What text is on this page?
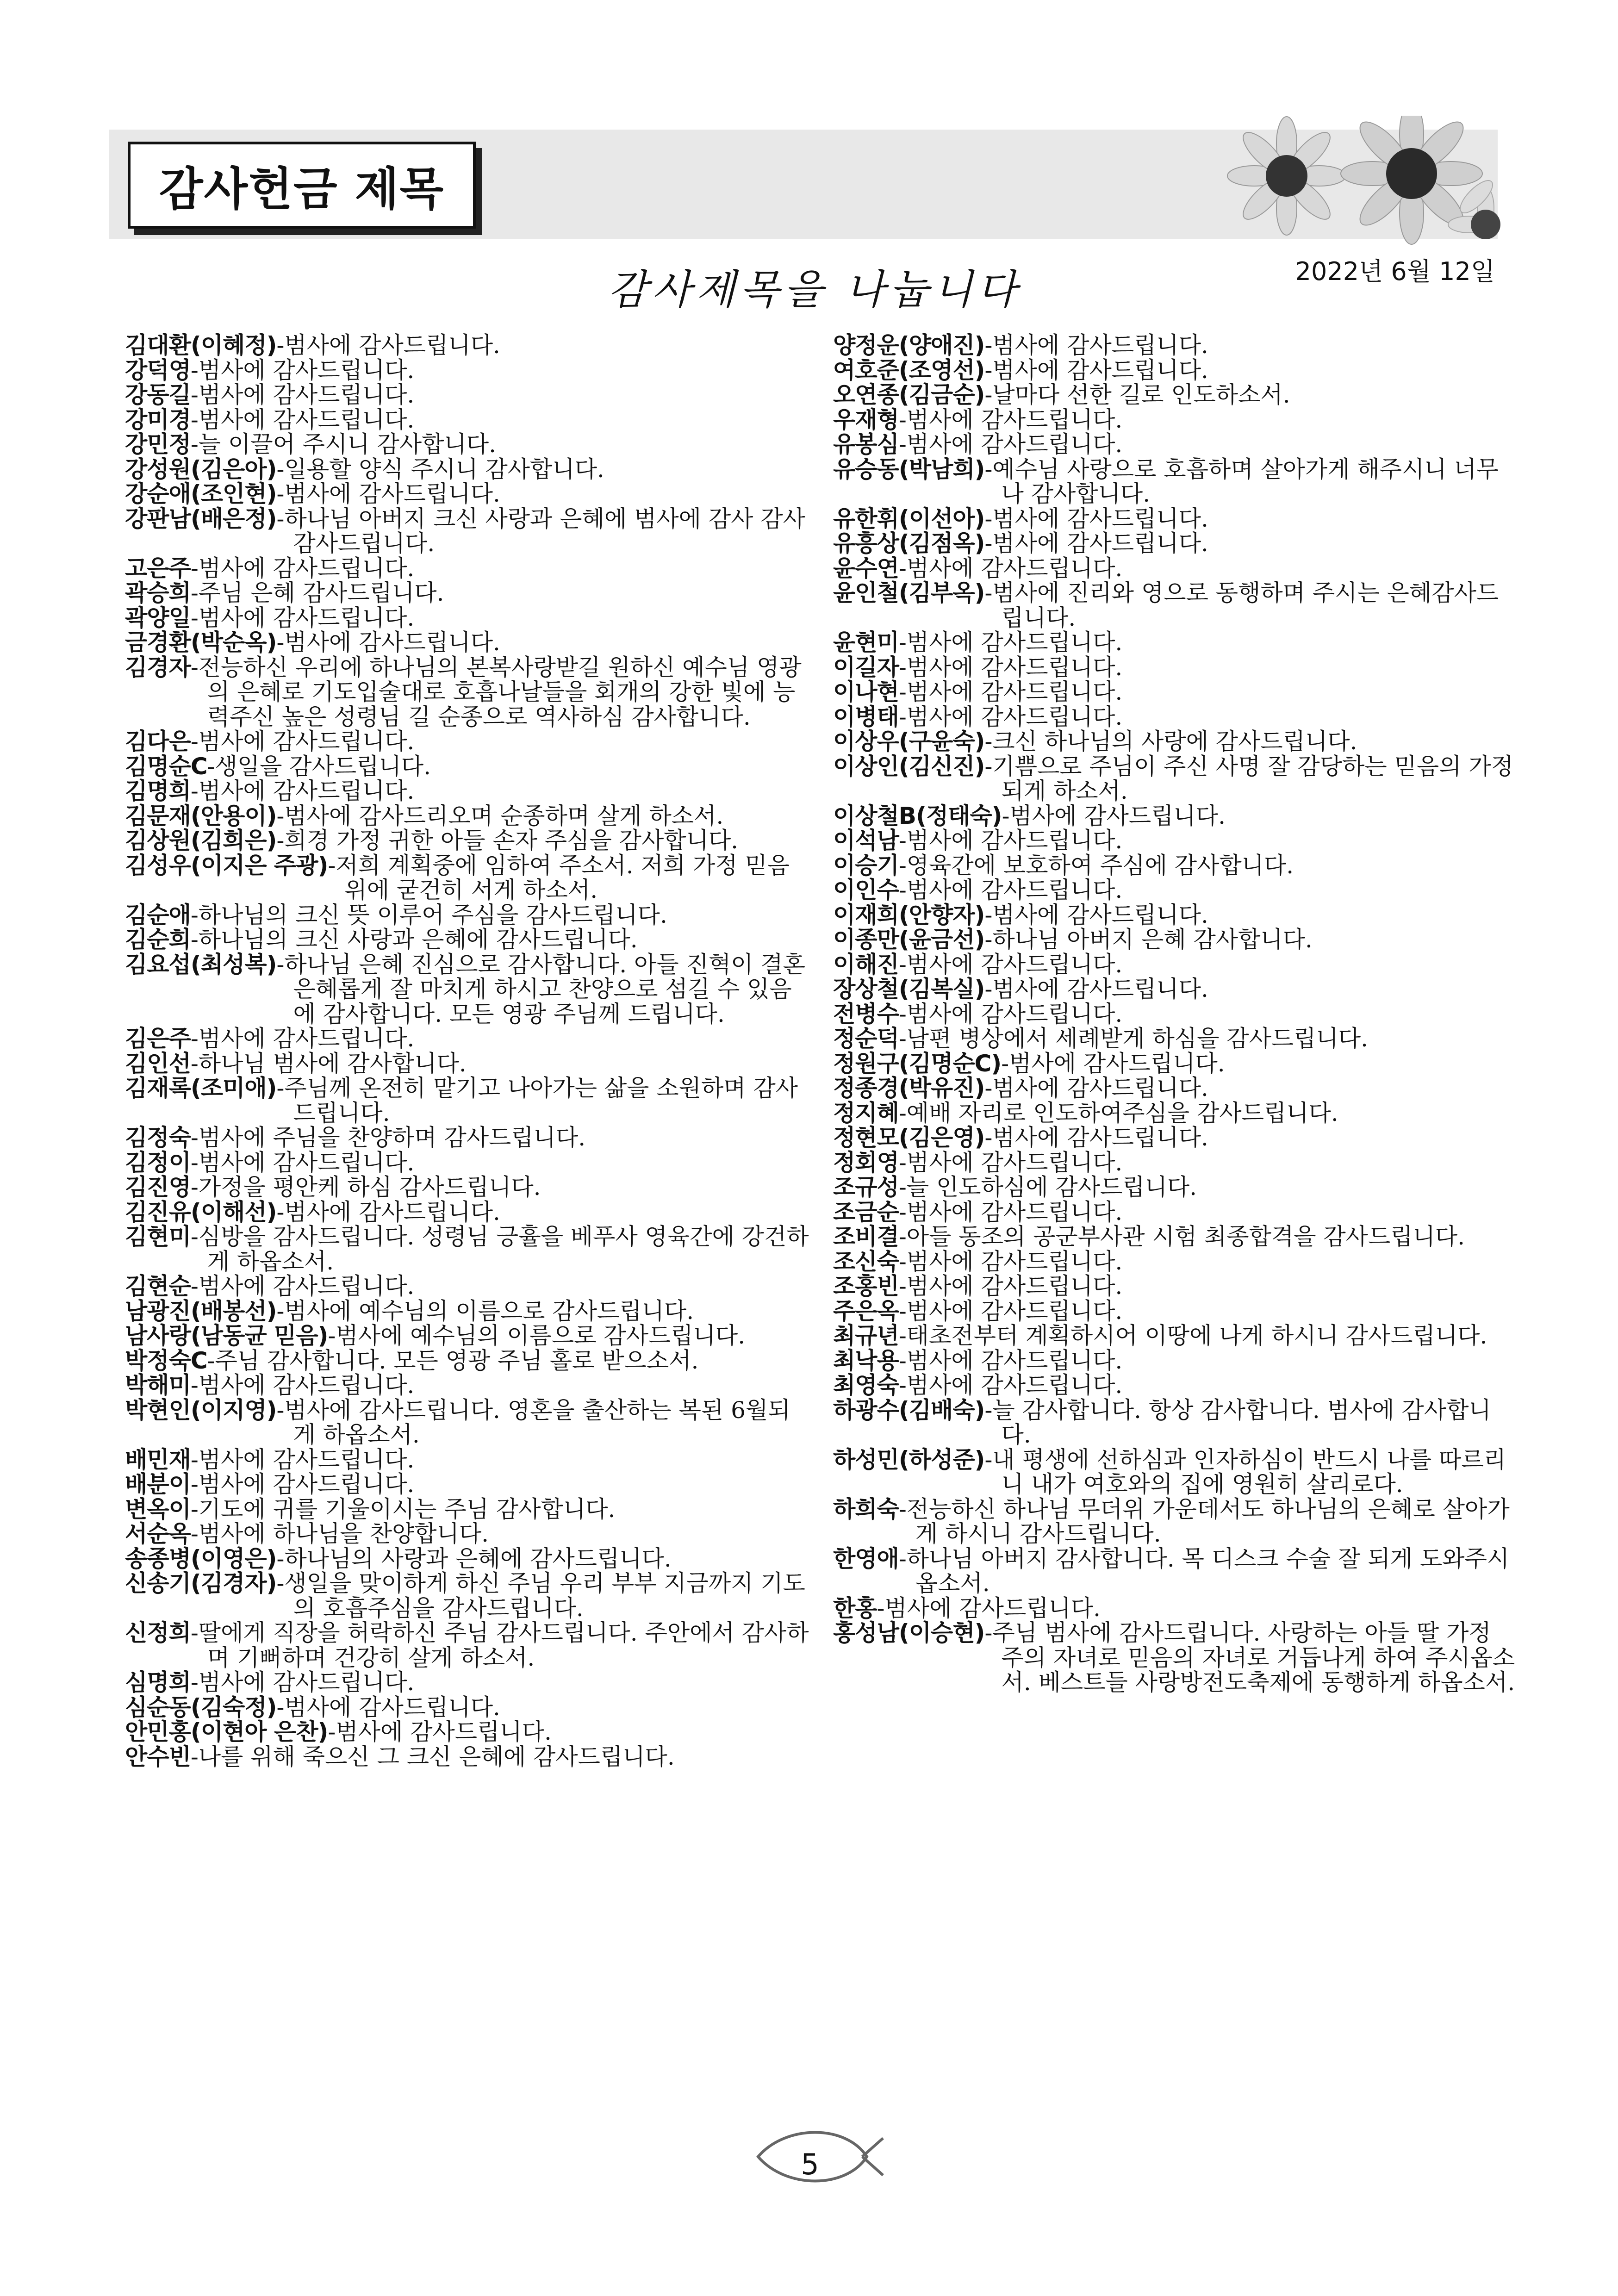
감사헌금 제목
감사제목을 나눕니다	2022년 6월 12일
김대환(이혜정)-범사에 감사드립니다.
강덕영-범사에 감사드립니다.
강동길-범사에 감사드립니다.
강미경-범사에 감사드립니다.
강민정-늘 이끌어 주시니 감사합니다.
강성원(김은아)-일용할 양식 주시니 감사합니다.
강순애(조인현)-범사에 감사드립니다.
강판남(배은정)-하나님 아버지 크신 사랑과 은혜에 범사에 감사 감사 감사드립니다.
고은주-범사에 감사드립니다.
곽승희-주님 은혜 감사드립니다.
곽양일-범사에 감사드립니다.
금경환(박순옥)-범사에 감사드립니다.
김경자-전능하신 우리에 하나님의 본복사랑받길 원하신 예수님 영광의 은혜로 기도입술대로 호흡나날들을 회개의 강한 빛에 능력주신 높은 성령님 길 순종으로 역사하심 감사합니다.
김다은-범사에 감사드립니다.
김명순C-생일을 감사드립니다.
김명희-범사에 감사드립니다.
김문재(안용이)-범사에 감사드리오며 순종하며 살게 하소서.
김상원(김희은)-희경 가정 귀한 아들 손자 주심을 감사합니다.
김성우(이지은 주광)-저희 계획중에 임하여 주소서. 저희 가정 믿음위에 굳건히 서게 하소서.
김순애-하나님의 크신 뜻 이루어 주심을 감사드립니다.
김순희-하나님의 크신 사랑과 은혜에 감사드립니다.
김요섭(최성복)-하나님 은혜 진심으로 감사합니다. 아들 진혁이 결혼 은혜롭게 잘 마치게 하시고 찬양으로 섬길 수 있음에 감사합니다. 모든 영광 주님께 드립니다.
김은주-범사에 감사드립니다.
김인선-하나님 범사에 감사합니다.
김재록(조미애)-주님께 온전히 맡기고 나아가는 삶을 소원하며 감사드립니다.
김정숙-범사에 주님을 찬양하며 감사드립니다.
김정이-범사에 감사드립니다.
김진영-가정을 평안케 하심 감사드립니다.
김진유(이해선)-범사에 감사드립니다.
김현미-심방을 감사드립니다. 성령님 긍휼을 베푸사 영육간에 강건하게 하옵소서.
김현순-범사에 감사드립니다.
남광진(배봉선)-범사에 예수님의 이름으로 감사드립니다.
남사랑(남동균 믿음)-범사에 예수님의 이름으로 감사드립니다.
박정숙C-주님 감사합니다. 모든 영광 주님 홀로 받으소서.
박해미-범사에 감사드립니다.
박현인(이지영)-범사에 감사드립니다. 영혼을 출산하는 복된 6월되게 하옵소서.
배민재-범사에 감사드립니다.
배분이-범사에 감사드립니다.
변옥이-기도에 귀를 기울이시는 주님 감사합니다.
서순옥-범사에 하나님을 찬양합니다.
송종병(이영은)-하나님의 사랑과 은혜에 감사드립니다.
신송기(김경자)-생일을 맞이하게 하신 주님 우리 부부 지금까지 기도의 호흡주심을 감사드립니다.
신정희-딸에게 직장을 허락하신 주님 감사드립니다. 주안에서 감사하며 기뻐하며 건강히 살게 하소서.
심명희-범사에 감사드립니다.
심순동(김숙정)-범사에 감사드립니다.
안민홍(이현아 은찬)-범사에 감사드립니다.
안수빈-나를 위해 죽으신 그 크신 은혜에 감사드립니다.
양정운(양애진)-범사에 감사드립니다.
여호준(조영선)-범사에 감사드립니다.
오연종(김금순)-날마다 선한 길로 인도하소서.
우재형-범사에 감사드립니다.
유봉심-범사에 감사드립니다.
유승동(박남희)-예수님 사랑으로 호흡하며 살아가게 해주시니 너무나 감사합니다.
유한휘(이선아)-범사에 감사드립니다.
유흥상(김점옥)-범사에 감사드립니다.
윤수연-범사에 감사드립니다.
윤인철(김부옥)-범사에 진리와 영으로 동행하며 주시는 은혜감사드립니다.
윤현미-범사에 감사드립니다.
이길자-범사에 감사드립니다.
이나현-범사에 감사드립니다.
이병태-범사에 감사드립니다.
이상우(구윤숙)-크신 하나님의 사랑에 감사드립니다.
이상인(김신진)-기쁨으로 주님이 주신 사명 잘 감당하는 믿음의 가정 되게 하소서.
이상철B(정태숙)-범사에 감사드립니다.
이석남-범사에 감사드립니다.
이승기-영육간에 보호하여 주심에 감사합니다.
이인수-범사에 감사드립니다.
이재희(안향자)-범사에 감사드립니다.
이종만(윤금선)-하나님 아버지 은혜 감사합니다.
이해진-범사에 감사드립니다.
장상철(김복실)-범사에 감사드립니다.
전병수-범사에 감사드립니다.
정순덕-남편 병상에서 세례받게 하심을 감사드립니다.
정원구(김명순C)-범사에 감사드립니다.
정종경(박유진)-범사에 감사드립니다.
정지혜-예배 자리로 인도하여주심을 감사드립니다.
정현모(김은영)-범사에 감사드립니다.
정회영-범사에 감사드립니다.
조규성-늘 인도하심에 감사드립니다.
조금순-범사에 감사드립니다.
조비결-아들 동조의 공군부사관 시험 최종합격을 감사드립니다.
조신숙-범사에 감사드립니다.
조홍빈-범사에 감사드립니다.
주은옥-범사에 감사드립니다.
최규년-태초전부터 계획하시어 이땅에 나게 하시니 감사드립니다.
최낙용-범사에 감사드립니다.
최영숙-범사에 감사드립니다.
하광수(김배숙)-늘 감사합니다. 항상 감사합니다. 범사에 감사합니다.
하성민(하성준)-내 평생에 선하심과 인자하심이 반드시 나를 따르리니 내가 여호와의 집에 영원히 살리로다.
하희숙-전능하신 하나님 무더위 가운데서도 하나님의 은혜로 살아가게 하시니 감사드립니다.
한영애-하나님 아버지 감사합니다. 목 디스크 수술 잘 되게 도와주시옵소서.
한홍-범사에 감사드립니다.
홍성남(이승현)-주님 범사에 감사드립니다. 사랑하는 아들 딸 가정 주의 자녀로 믿음의 자녀로 거듭나게 하여 주시옵소서. 베스트들 사랑방전도축제에 동행하게 하옵소서.
5
